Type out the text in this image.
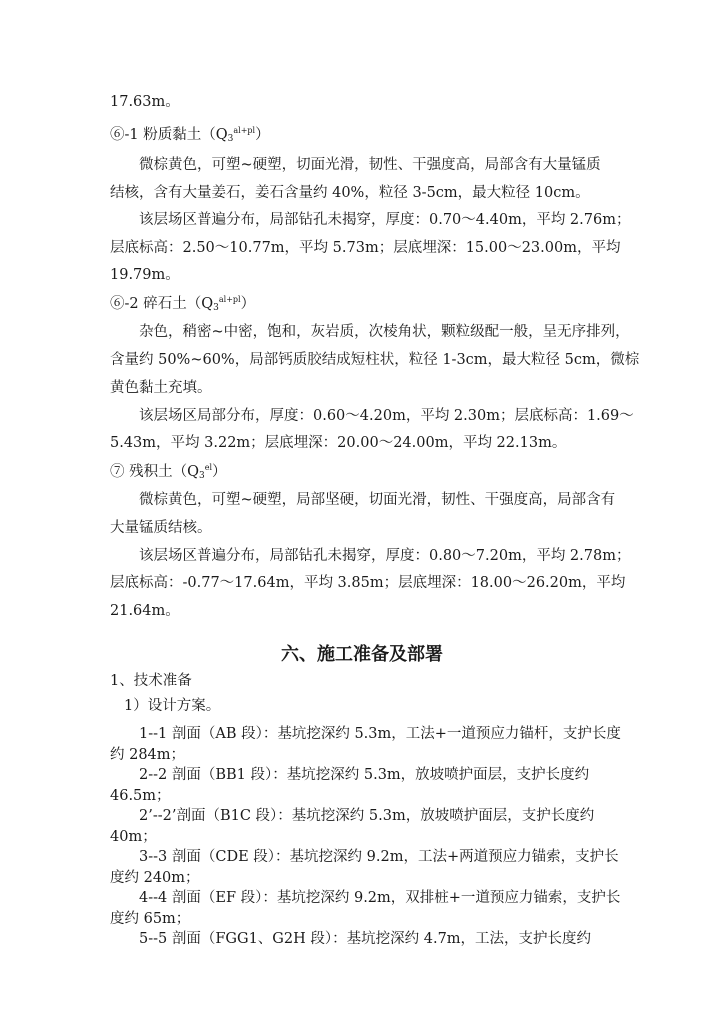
17.63m。

⑥-1 粉质黏土$(Q_3^{al+pl})$

微棕黄色，可塑~硬塑，切面光滑，韧性、干强度高，局部含有大量锰质

结核，含有大量姜石，姜石含量约 40%，粒径 3-5cm，最大粒径 10cm。

该层场区普遍分布，局部钻孔未揭穿，厚度：0.70～4.40m，平均 2.76m；

层底标高：2.50～10.77m，平均 5.73m；层底埋深：15.00～23.00m，平均

19.79m。

⑥-2 碎石土$(Q_3^{al+pl})$

杂色，稍密~中密，饱和，灰岩质，次棱角状，颗粒级配一般，呈无序排列，

含量约 50%~60%，局部钙质胶结成短柱状，粒径 1-3cm，最大粒径 5cm，微棕

黄色黏土充填。

该层场区局部分布，厚度：0.60～4.20m，平均 2.30m；层底标高：1.69～

5.43m，平均 3.22m；层底埋深：20.00～24.00m，平均 22.13m。

⑦ 残积土$(Q_3^{el})$

微棕黄色，可塑~硬塑，局部坚硬，切面光滑，韧性、干强度高，局部含有

大量锰质结核。

该层场区普遍分布，局部钻孔未揭穿，厚度：0.80～7.20m，平均 2.78m；

层底标高：-0.77～17.64m，平均 3.85m；层底埋深：18.00～26.20m，平均

21.64m。

六、施工准备及部署

1、技术准备

1）设计方案。

1--1 剖面（AB 段）：基坑挖深约 5.3m，工法+一道预应力锚杆，支护长度

约 284m；

2--2 剖面（BB1 段）：基坑挖深约 5.3m，放坡喷护面层，支护长度约

46.5m；

2’--2’剖面（B1C 段）：基坑挖深约 5.3m，放坡喷护面层，支护长度约

40m；

3--3 剖面（CDE 段）：基坑挖深约 9.2m，工法+两道预应力锚索，支护长

度约 240m；

4--4 剖面（EF 段）：基坑挖深约 9.2m，双排桩+一道预应力锚索，支护长

度约 65m；

5--5 剖面（FGG1、G2H 段）：基坑挖深约 4.7m，工法，支护长度约
